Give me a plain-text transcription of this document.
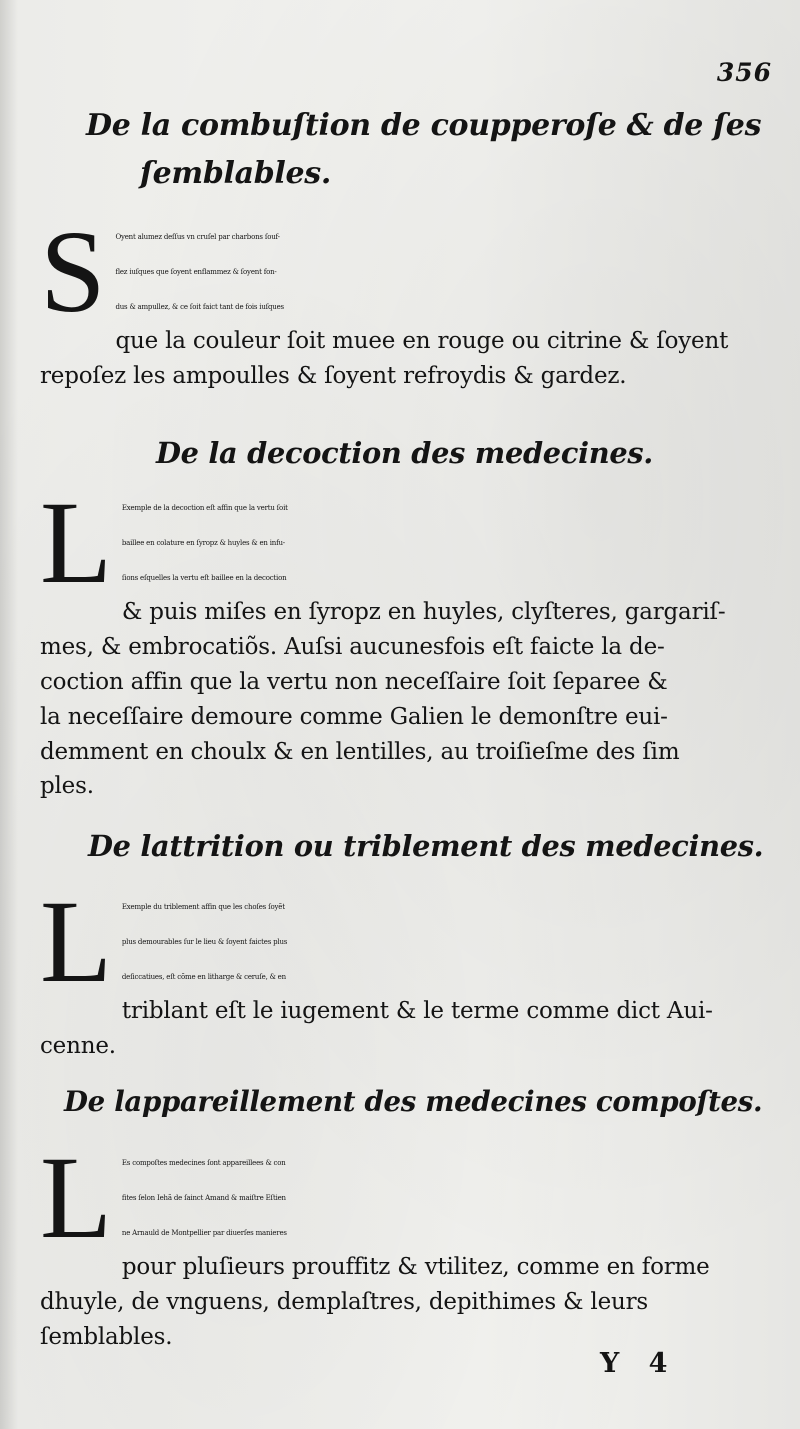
356
De la combuſtion de coupperoſe & de ſes
ſemblables.

S	Oyent alumez deſſus vn cruſel par charbons ſouf-
flez iuſques que ſoyent enflammez & ſoyent fon-
dus & ampullez, & ce ſoit faict tant de fois iuſques
que la couleur ſoit muee en rouge ou citrine & ſoyent
repoſez les ampoulles & ſoyent refroydis & gardez.

De la decoction des medecines.

L	Exemple de la decoction eſt affin que la vertu ſoit
baillee en colature en ſyropz & huyles & en infu-
ſions eſquelles la vertu eſt baillee en la decoction
& puis miſes en ſyropz en huyles, clyſteres, gargariſ-
mes, & embrocatiõs. Auſsi aucunesfois eſt faicte la de-
coction affin que la vertu non neceſſaire ſoit ſeparee &
la neceſſaire demoure comme Galien le demonſtre eui-
demment en choulx & en lentilles, au troiſieſme des ſim
ples.

De lattrition ou triblement des medecines.

L	Exemple du triblement affin que les choſes ſoyẽt
plus demourables ſur le lieu & ſoyent faictes plus
deſiccatiues, eſt cõme en litharge & ceruſe, & en
triblant eſt le iugement & le terme comme dict Aui-
cenne.

De lappareillement des medecines compoſtes.

L	Es compoſtes medecines ſont appareillees & con
fites ſelon Iehã de ſainct Amand & maiſtre Eſtien
ne Arnauld de Montpellier par diuerſes manieres
pour pluſieurs prouffitz & vtilitez, comme en forme
dhuyle, de vnguens, demplaſtres, depithimes & leurs
ſemblables.

Y 4
